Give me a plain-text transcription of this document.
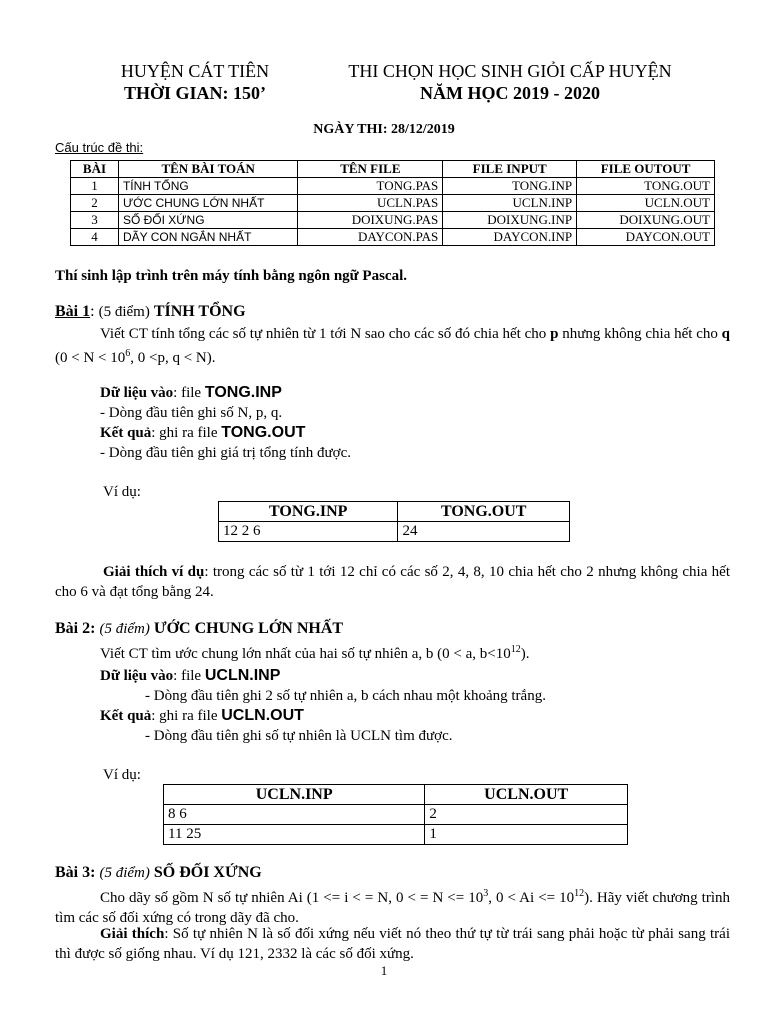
HUYỆN CÁT TIÊN
THỜI GIAN: 150’
THI CHỌN HỌC SINH GIỎI CẤP HUYỆN
NĂM HỌC 2019 - 2020
NGÀY THI: 28/12/2019
Cấu trúc đề thi:
BÀI	TÊN BÀI TOÁN	TÊN FILE	FILE INPUT	FILE OUTOUT
1	TÍNH TỔNG	TONG.PAS	TONG.INP	TONG.OUT
2	ƯỚC CHUNG LỚN NHẤT	UCLN.PAS	UCLN.INP	UCLN.OUT
3	SỐ ĐỐI XỨNG	DOIXUNG.PAS	DOIXUNG.INP	DOIXUNG.OUT
4	DÃY CON NGẮN NHẤT	DAYCON.PAS	DAYCON.INP	DAYCON.OUT
Thí sinh lập trình trên máy tính bằng ngôn ngữ Pascal.
Bài 1: (5 điểm) TÍNH TỔNG
Viết CT tính tổng các số tự nhiên từ 1 tới N sao cho các số đó chia hết cho p nhưng không chia hết cho q ($0 < N < 10^6$, 0 <p, q < N).
Dữ liệu vào: file TONG.INP
- Dòng đầu tiên ghi số N, p, q.
Kết quả: ghi ra file TONG.OUT
- Dòng đầu tiên ghi giá trị tổng tính được.
Ví dụ:
TONG.INP	TONG.OUT
12 2 6	24
Giải thích ví dụ: trong các số từ 1 tới 12 chỉ có các số 2, 4, 8, 10 chia hết cho 2 nhưng không chia hết cho 6 và đạt tổng bằng 24.
Bài 2: (5 điểm) ƯỚC CHUNG LỚN NHẤT
Viết CT tìm ước chung lớn nhất của hai số tự nhiên a, b (0 < a, $b<10^{12}$).
Dữ liệu vào: file UCLN.INP
- Dòng đầu tiên ghi 2 số tự nhiên a, b cách nhau một khoảng trắng.
Kết quả: ghi ra file UCLN.OUT
- Dòng đầu tiên ghi số tự nhiên là UCLN tìm được.
Ví dụ:
UCLN.INP	UCLN.OUT
8 6	2
11 25	1
Bài 3: (5 điểm) SỐ ĐỐI XỨNG
Cho dãy số gồm N số tự nhiên Ai (1 <= i < = N, 0 < = $N <= 10^3$, $0 < Ai <= 10^{12}$). Hãy viết chương trình tìm các số đối xứng có trong dãy đã cho.
Giải thích: Số tự nhiên N là số đối xứng nếu viết nó theo thứ tự từ trái sang phải hoặc từ phải sang trái thì được số giống nhau. Ví dụ 121, 2332 là các số đối xứng.
1
